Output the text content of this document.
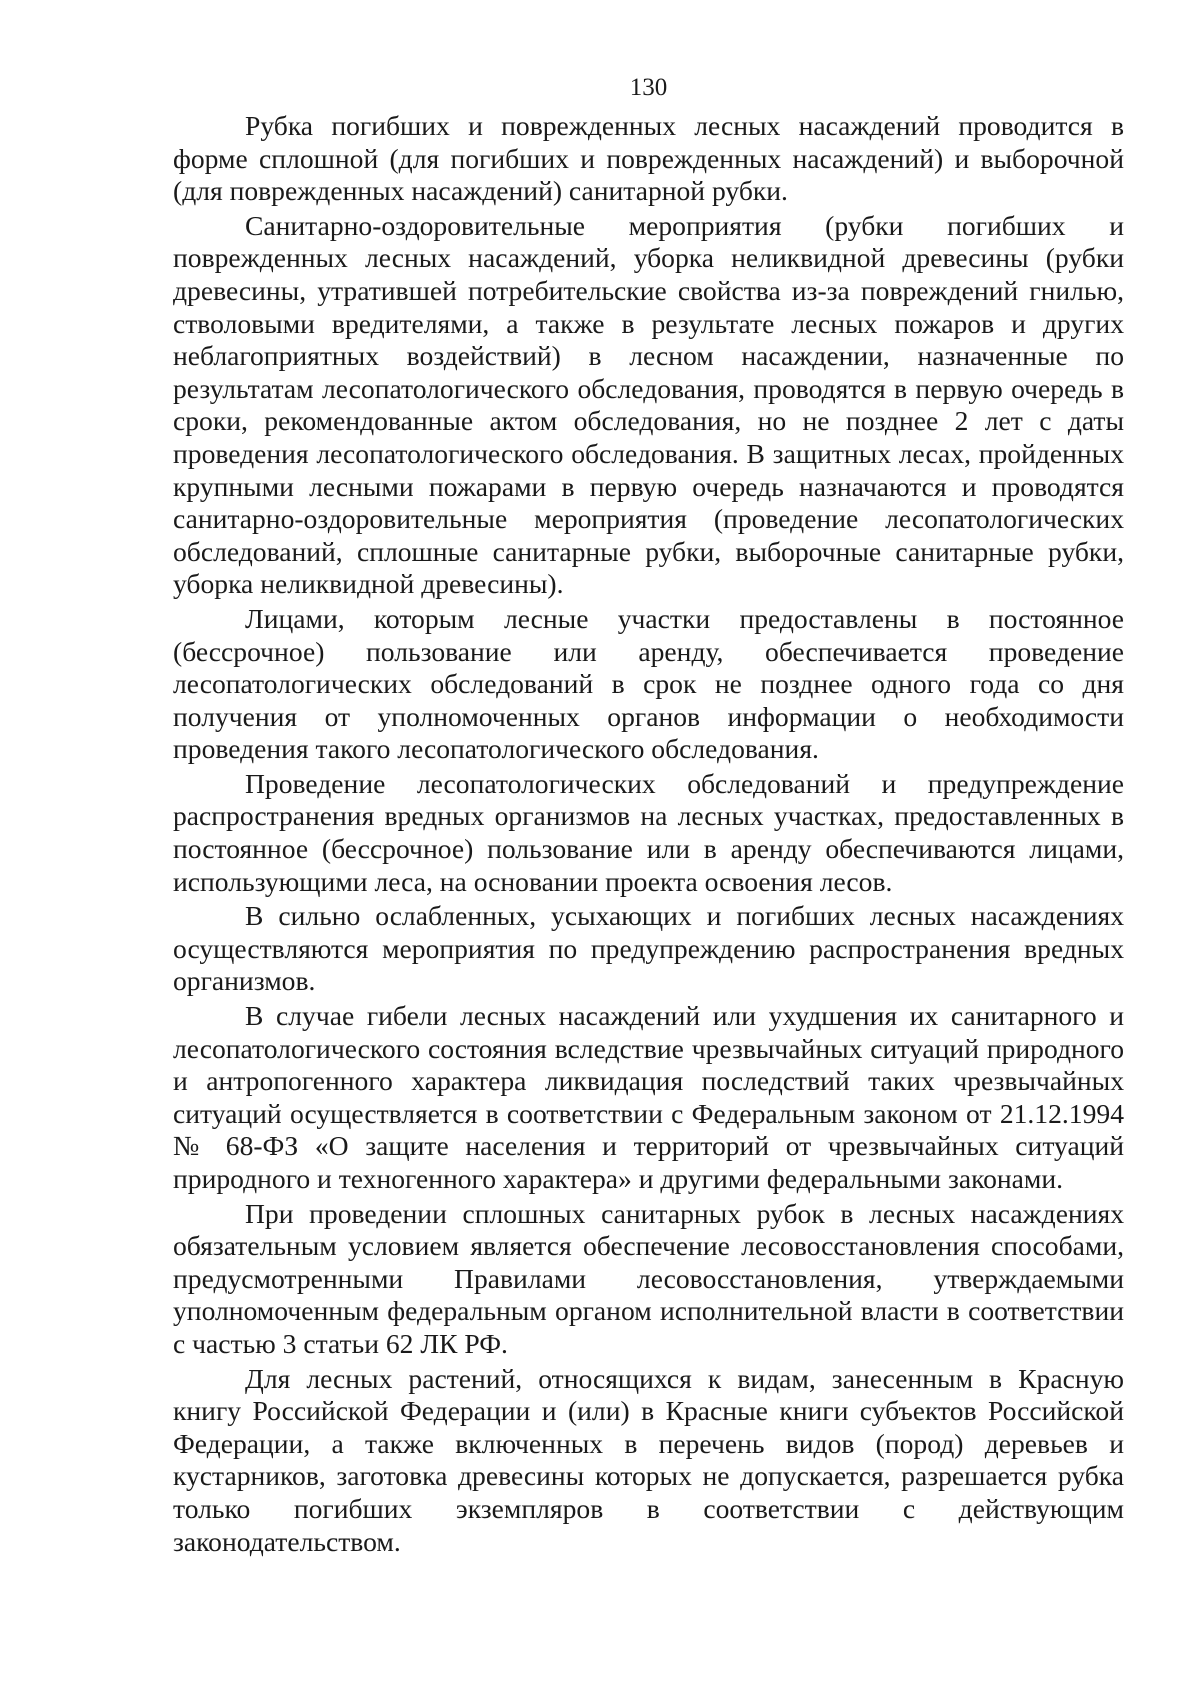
130

Рубка погибших и поврежденных лесных насаждений проводится в форме сплошной (для погибших и поврежденных насаждений) и выборочной (для поврежденных насаждений) санитарной рубки.

Санитарно-оздоровительные мероприятия (рубки погибших и поврежденных лесных насаждений, уборка неликвидной древесины (рубки древесины, утратившей потребительские свойства из-за повреждений гнилью, стволовыми вредителями, а также в результате лесных пожаров и других неблагоприятных воздействий) в лесном насаждении, назначенные по результатам лесопатологического обследования, проводятся в первую очередь в сроки, рекомендованные актом обследования, но не позднее 2 лет с даты проведения лесопатологического обследования. В защитных лесах, пройденных крупными лесными пожарами в первую очередь назначаются и проводятся санитарно-оздоровительные мероприятия (проведение лесопатологических обследований, сплошные санитарные рубки, выборочные санитарные рубки, уборка неликвидной древесины).

Лицами, которым лесные участки предоставлены в постоянное (бессрочное) пользование или аренду, обеспечивается проведение лесопатологических обследований в срок не позднее одного года со дня получения от уполномоченных органов информации о необходимости проведения такого лесопатологического обследования.

Проведение лесопатологических обследований и предупреждение распространения вредных организмов на лесных участках, предоставленных в постоянное (бессрочное) пользование или в аренду обеспечиваются лицами, использующими леса, на основании проекта освоения лесов.

В сильно ослабленных, усыхающих и погибших лесных насаждениях осуществляются мероприятия по предупреждению распространения вредных организмов.

В случае гибели лесных насаждений или ухудшения их санитарного и лесопатологического состояния вследствие чрезвычайных ситуаций природного и антропогенного характера ликвидация последствий таких чрезвычайных ситуаций осуществляется в соответствии с Федеральным законом от 21.12.1994 № 68-ФЗ «О защите населения и территорий от чрезвычайных ситуаций природного и техногенного характера» и другими федеральными законами.

При проведении сплошных санитарных рубок в лесных насаждениях обязательным условием является обеспечение лесовосстановления способами, предусмотренными Правилами лесовосстановления, утверждаемыми уполномоченным федеральным органом исполнительной власти в соответствии с частью 3 статьи 62 ЛК РФ.

Для лесных растений, относящихся к видам, занесенным в Красную книгу Российской Федерации и (или) в Красные книги субъектов Российской Федерации, а также включенных в перечень видов (пород) деревьев и кустарников, заготовка древесины которых не допускается, разрешается рубка только погибших экземпляров в соответствии с действующим законодательством.
